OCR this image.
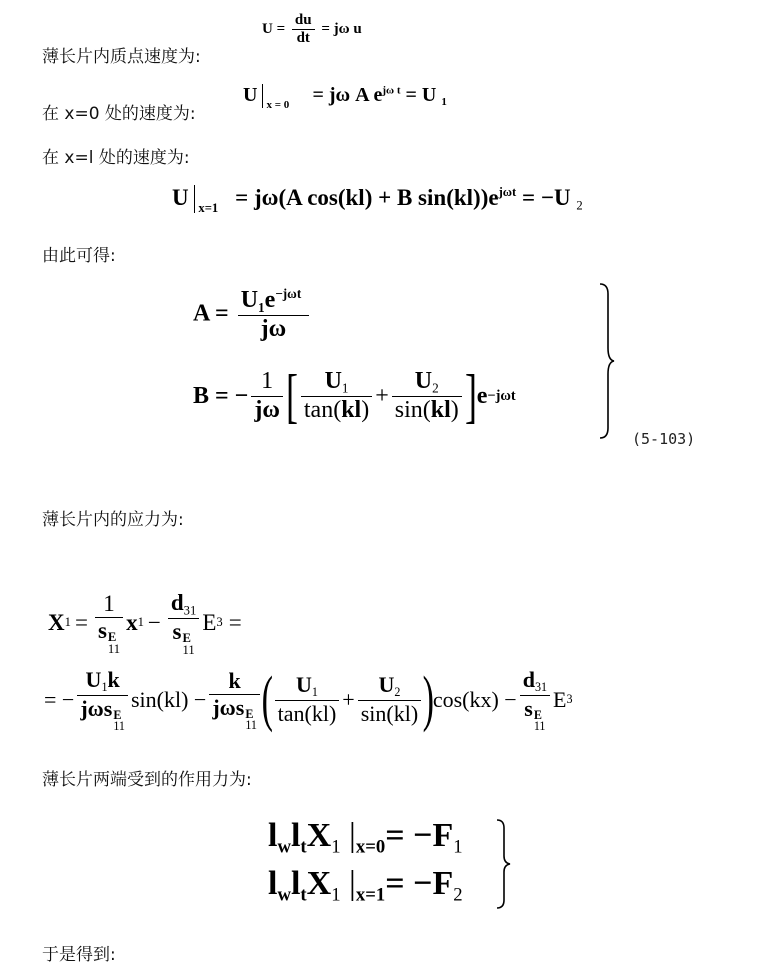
薄长片内质点速度为:
在 x=0 处的速度为:
在 x=l 处的速度为:
由此可得:
薄长片内的应力为:
薄长片两端受到的作用力为:
于是得到:
$U = \frac{du}{dt} = j\omega$ u
U x = 0 = jω A $e^{j\omega t} = U$ $_1$
U x=1 = jω(A cos(kl) + B $\sin(kl))e^{j\omega t} = -U$ $_2$
$A = \frac{U_1e^{-j\omega t}}{j\omega}$
B = − $\frac{1}{j\omega}$ [ $\frac{U_1}{\tan(kl)} + \frac{U_2}{\sin(kl)}$ ] e −jωt
(5-103)
X 1 = 1
s E
11 x $1 - d_{31}$
s E
11 E 3 =
= − $U_1k$
jωs E
11 sin(kl) − k
jωs E
11 ( $\frac{U_1}{\tan(kl)} + \frac{U_2}{\sin(kl)}$ )
$\cos(kx) - d_{31}$
s E
11 E 3
$l_wl_tX_1$ $|_{x=0}= -F_1$
$l_wl_tX_1$ $|_{x=1}= -F_2$
